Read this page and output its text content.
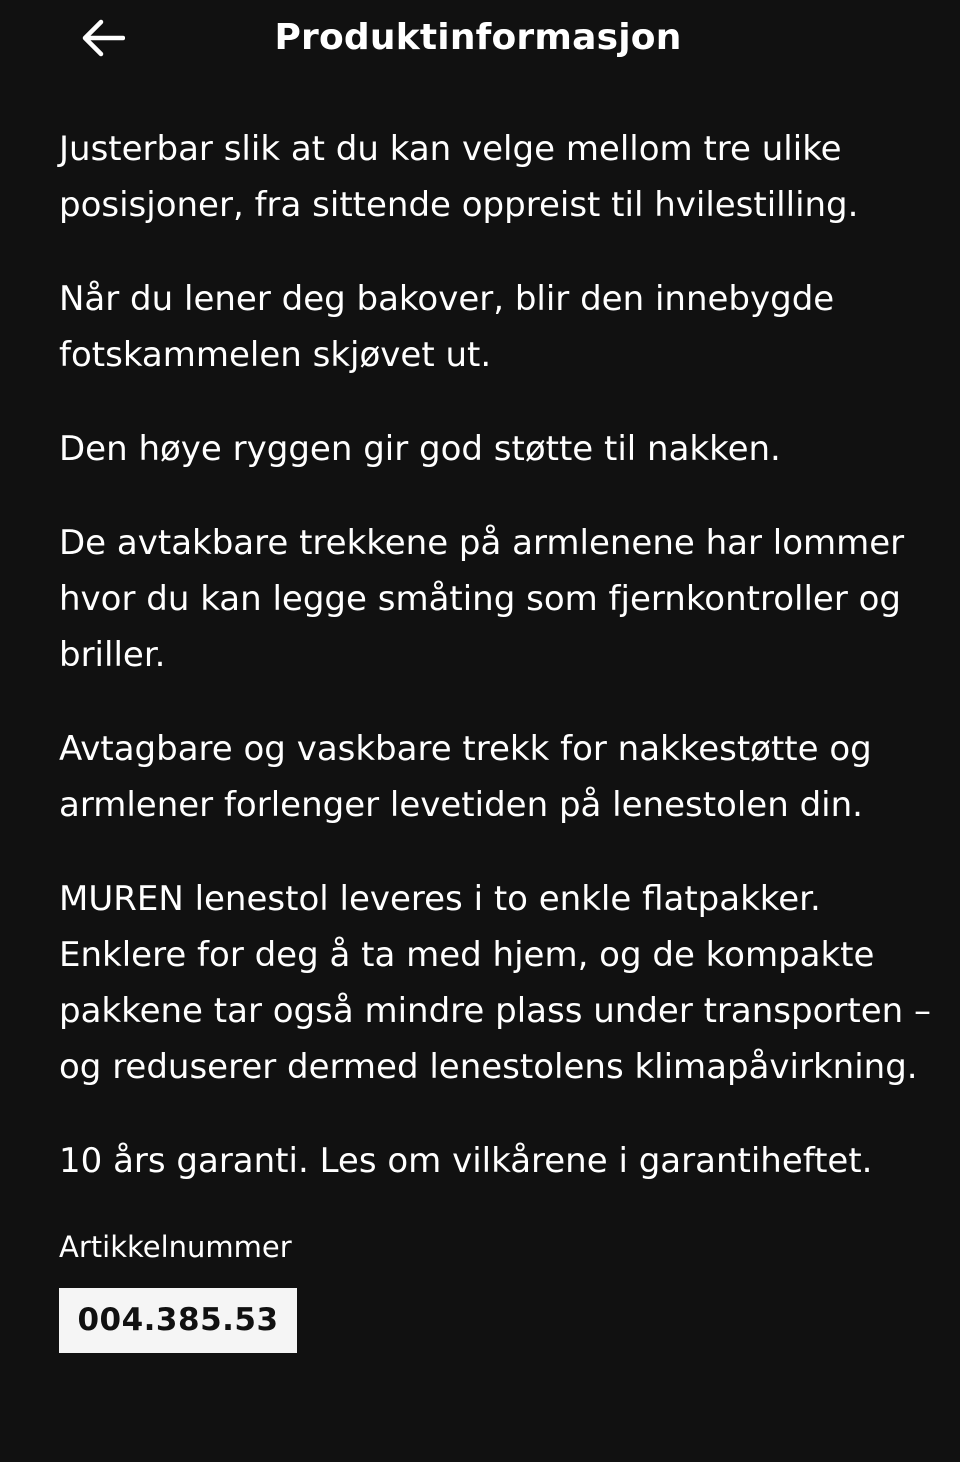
Produktinformasjon

Justerbar slik at du kan velge mellom tre ulike posisjoner, fra sittende oppreist til hvilestilling.

Når du lener deg bakover, blir den innebygde fotskammelen skjøvet ut.

Den høye ryggen gir god støtte til nakken.

De avtakbare trekkene på armlenene har lommer hvor du kan legge småting som fjernkontroller og briller.

Avtagbare og vaskbare trekk for nakkestøtte og armlener forlenger levetiden på lenestolen din.

MUREN lenestol leveres i to enkle flatpakker. Enklere for deg å ta med hjem, og de kompakte pakkene tar også mindre plass under transporten – og reduserer dermed lenestolens klimapåvirkning.

10 års garanti. Les om vilkårene i garantiheftet.

Artikkelnummer
004.385.53
